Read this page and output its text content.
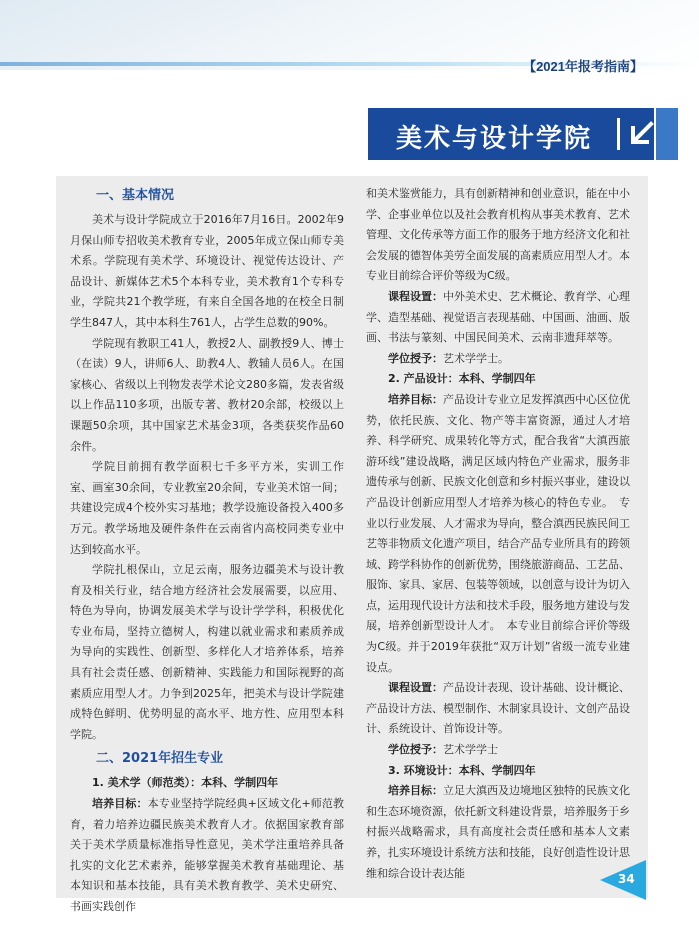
【2021年报考指南】
美术与设计学院
一、基本情况

美术与设计学院成立于2016年7月16日。2002年9月保山师专招收美术教育专业，2005年成立保山师专美术系。学院现有美术学、环境设计、视觉传达设计、产品设计、新媒体艺术5个本科专业，美术教育1个专科专业，学院共21个教学班，有来自全国各地的在校全日制学生847人，其中本科生761人，占学生总数的90%。

学院现有教职工41人，教授2人、副教授9人、博士（在读）9人，讲师6人、助教4人、教辅人员6人。在国家核心、省级以上刊物发表学术论文280多篇，发表省级以上作品110多项，出版专著、教材20余部，校级以上课题50余项，其中国家艺术基金3项，各类获奖作品60余件。

学院目前拥有教学面积七千多平方米，实训工作室、画室30余间，专业教室20余间，专业美术馆一间；共建设完成4个校外实习基地；教学设施设备投入400多万元。教学场地及硬件条件在云南省内高校同类专业中达到较高水平。

学院扎根保山，立足云南，服务边疆美术与设计教育及相关行业，结合地方经济社会发展需要，以应用、特色为导向，协调发展美术学与设计学学科，积极优化专业布局，坚持立德树人，构建以就业需求和素质养成为导向的实践性、创新型、多样化人才培养体系，培养具有社会责任感、创新精神、实践能力和国际视野的高素质应用型人才。力争到2025年，把美术与设计学院建成特色鲜明、优势明显的高水平、地方性、应用型本科学院。

二、2021年招生专业

1. 美术学（师范类）：本科、学制四年

培养目标：本专业坚持学院经典+区域文化+师范教育，着力培养边疆民族美术教育人才。依据国家教育部关于美术学质量标准指导性意见，美术学注重培养具备扎实的文化艺术素养，能够掌握美术教育基础理论、基本知识和基本技能，具有美术教育教学、美术史研究、书画实践创作

和美术鉴赏能力，具有创新精神和创业意识，能在中小学、企事业单位以及社会教育机构从事美术教育、艺术管理、文化传承等方面工作的服务于地方经济文化和社会发展的德智体美劳全面发展的高素质应用型人才。本专业目前综合评价等级为C级。

课程设置：中外美术史、艺术概论、教育学、心理学、造型基础、视觉语言表现基础、中国画、油画、版画、书法与篆刻、中国民间美术、云南非遗拜萃等。

学位授予：艺术学学士。

2. 产品设计：本科、学制四年

培养目标：产品设计专业立足发挥滇西中心区位优势，依托民族、文化、物产等丰富资源，通过人才培养、科学研究、成果转化等方式，配合我省“大滇西旅游环线”建设战略，满足区域内特色产业需求，服务非遗传承与创新、民族文化创意和乡村振兴事业，建设以产品设计创新应用型人才培养为核心的特色专业。　专业以行业发展、人才需求为导向，整合滇西民族民间工艺等非物质文化遗产项目，结合产品专业所具有的跨领域、跨学科协作的创新优势，围绕旅游商品、工艺品、服饰、家具、家居、包装等领域，以创意与设计为切入点，运用现代设计方法和技术手段，服务地方建设与发展，培养创新型设计人才。　本专业目前综合评价等级为C级。并于2019年获批“双万计划”省级一流专业建设点。

课程设置：产品设计表现、设计基础、设计概论、产品设计方法、模型制作、木制家具设计、文创产品设计、系统设计、首饰设计等。

学位授予：艺术学学士

3. 环境设计：本科、学制四年

培养目标：立足大滇西及边境地区独特的民族文化和生态环境资源，依托新文科建设背景，培养服务于乡村振兴战略需求，具有高度社会责任感和基本人文素养，扎实环境设计系统方法和技能，良好创造性设计思维和综合设计表达能	34
